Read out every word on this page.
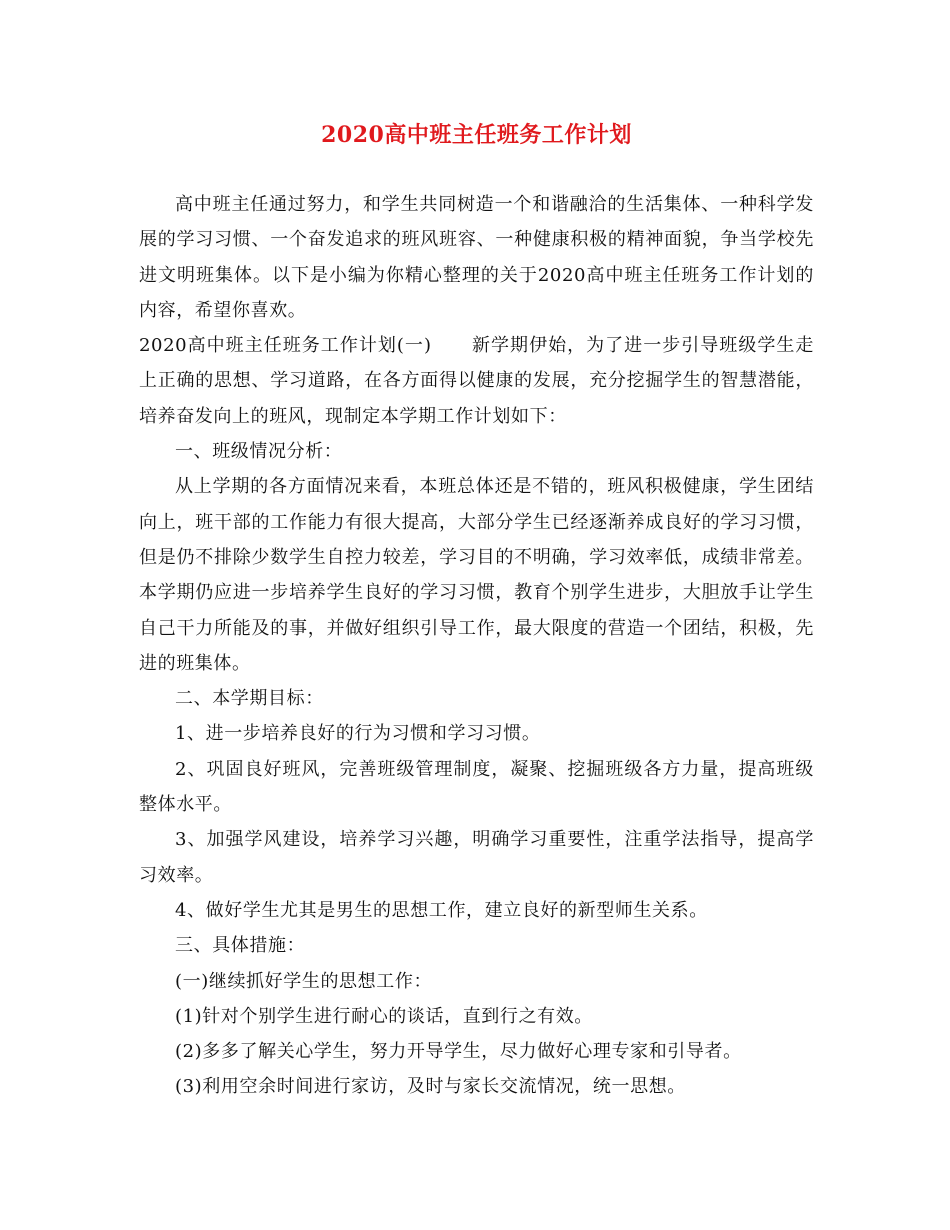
2020高中班主任班务工作计划

高中班主任通过努力，和学生共同树造一个和谐融洽的生活集体、一种科学发展的学习习惯、一个奋发追求的班风班容、一种健康积极的精神面貌，争当学校先进文明班集体。以下是小编为你精心整理的关于2020高中班主任班务工作计划的内容，希望你喜欢。

2020高中班主任班务工作计划(一) 新学期伊始，为了进一步引导班级学生走上正确的思想、学习道路，在各方面得以健康的发展，充分挖掘学生的智慧潜能，培养奋发向上的班风，现制定本学期工作计划如下：

一、班级情况分析：

从上学期的各方面情况来看，本班总体还是不错的，班风积极健康，学生团结向上，班干部的工作能力有很大提高，大部分学生已经逐渐养成良好的学习习惯，但是仍不排除少数学生自控力较差，学习目的不明确，学习效率低，成绩非常差。本学期仍应进一步培养学生良好的学习习惯，教育个别学生进步，大胆放手让学生自己干力所能及的事，并做好组织引导工作，最大限度的营造一个团结，积极，先进的班集体。

二、本学期目标：

1、进一步培养良好的行为习惯和学习习惯。

2、巩固良好班风，完善班级管理制度，凝聚、挖掘班级各方力量，提高班级整体水平。

3、加强学风建设，培养学习兴趣，明确学习重要性，注重学法指导，提高学习效率。

4、做好学生尤其是男生的思想工作，建立良好的新型师生关系。

三、具体措施：

(一)继续抓好学生的思想工作：

(1)针对个别学生进行耐心的谈话，直到行之有效。

(2)多多了解关心学生，努力开导学生，尽力做好心理专家和引导者。

(3)利用空余时间进行家访，及时与家长交流情况，统一思想。
